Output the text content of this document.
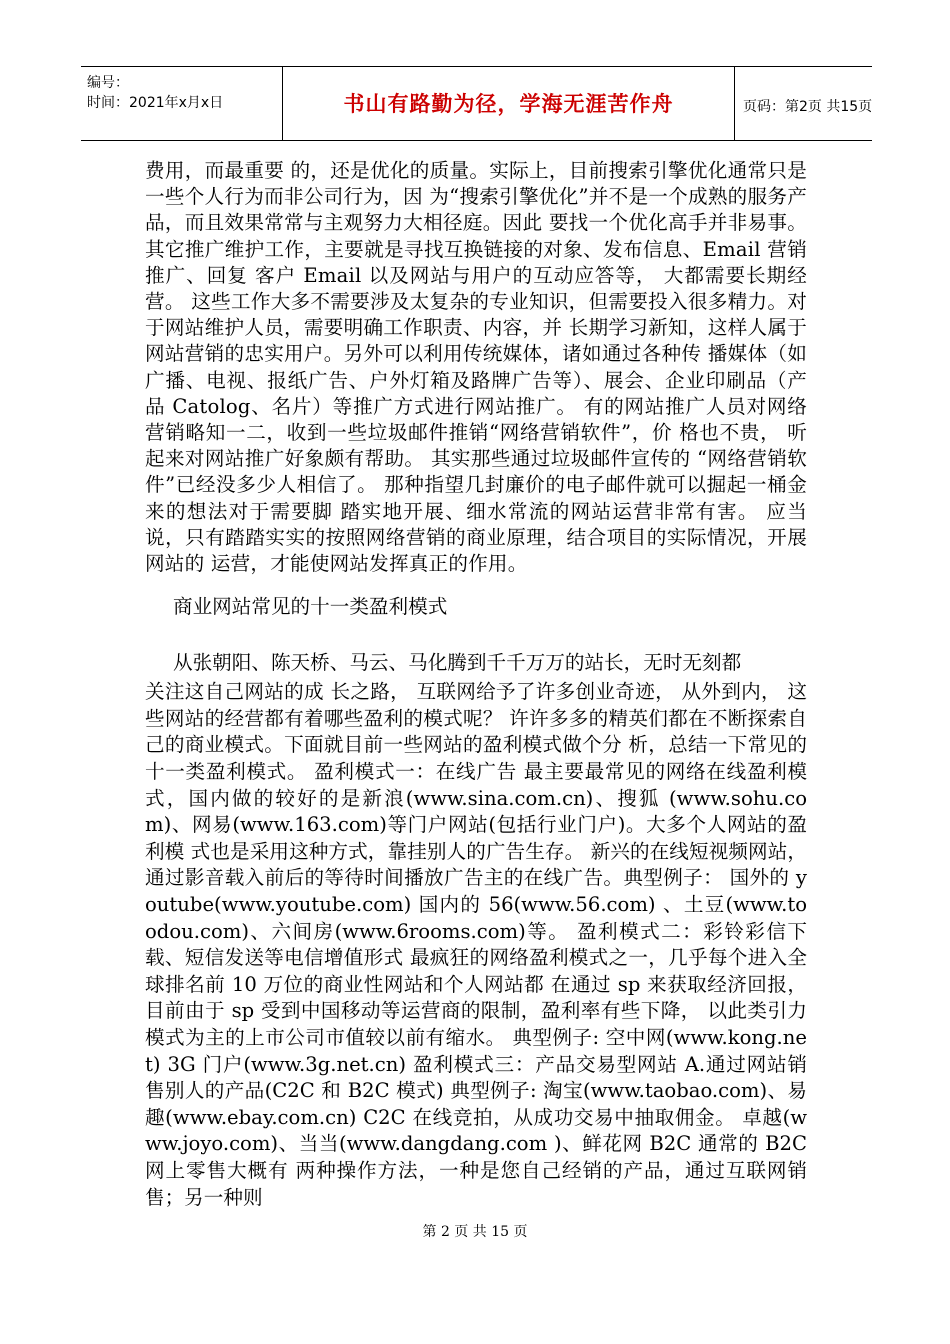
编号：
时间：2021年x月x日	书山有路勤为径，学海无涯苦作舟	页码：第2页 共15页

费用，而最重要 的，还是优化的质量。实际上，目前搜索引擎优化通常只是一些个人行为而非公司行为，因 为“搜索引擎优化”并不是一个成熟的服务产品，而且效果常常与主观努力大相径庭。因此 要找一个优化高手并非易事。 其它推广维护工作，主要就是寻找互换链接的对象、发布信息、Email 营销推广、回复 客户 Email 以及网站与用户的互动应答等， 大都需要长期经营。 这些工作大多不需要涉及太复杂的专业知识，但需要投入很多精力。对于网站维护人员，需要明确工作职责、内容，并 长期学习新知，这样人属于网站营销的忠实用户。另外可以利用传统媒体，诸如通过各种传 播媒体（如广播、电视、报纸广告、户外灯箱及路牌广告等）、展会、企业印刷品（产品 Catolog、名片）等推广方式进行网站推广。 有的网站推广人员对网络营销略知一二，收到一些垃圾邮件推销“网络营销软件”，价 格也不贵， 听起来对网站推广好象颇有帮助。 其实那些通过垃圾邮件宣传的 “网络营销软件”已经没多少人相信了。 那种指望几封廉价的电子邮件就可以掘起一桶金来的想法对于需要脚 踏实地开展、细水常流的网站运营非常有害。 应当说，只有踏踏实实的按照网络营销的商业原理，结合项目的实际情况，开展网站的 运营，才能使网站发挥真正的作用。

商业网站常见的十一类盈利模式

从张朝阳、陈天桥、马云、马化腾到千千万万的站长，无时无刻都

关注这自己网站的成 长之路， 互联网给予了许多创业奇迹， 从外到内， 这些网站的经营都有着哪些盈利的模式呢？ 许许多多的精英们都在不断探索自己的商业模式。下面就目前一些网站的盈利模式做个分 析，总结一下常见的十一类盈利模式。 盈利模式一：在线广告 最主要最常见的网络在线盈利模式，国内做的较好的是新浪(www.sina.com.cn)、搜狐 (www.sohu.com)、网易(www.163.com)等门户网站(包括行业门户)。大多个人网站的盈利模 式也是采用这种方式，靠挂别人的广告生存。 新兴的在线短视频网站，通过影音载入前后的等待时间播放广告主的在线广告。典型例子： 国外的 youtube(www.youtube.com) 国内的 56(www.56.com) 、土豆(www.toodou.com)、六间房(www.6rooms.com)等。 盈利模式二：彩铃彩信下载、短信发送等电信增值形式 最疯狂的网络盈利模式之一，几乎每个进入全球排名前 10 万位的商业性网站和个人网站都 在通过 sp 来获取经济回报，目前由于 sp 受到中国移动等运营商的限制，盈利率有些下降， 以此类引力模式为主的上市公司市值较以前有缩水。 典型例子: 空中网(www.kong.net) 3G 门户(www.3g.net.cn) 盈利模式三：产品交易型网站 A.通过网站销售别人的产品(C2C 和 B2C 模式) 典型例子: 淘宝(www.taobao.com)、易趣(www.ebay.com.cn) C2C 在线竞拍，从成功交易中抽取佣金。 卓越(www.joyo.com)、当当(www.dangdang.com )、鲜花网 B2C 通常的 B2C 网上零售大概有 两种操作方法，一种是您自己经销的产品，通过互联网销售；另一种则

第 2 页 共 15 页
